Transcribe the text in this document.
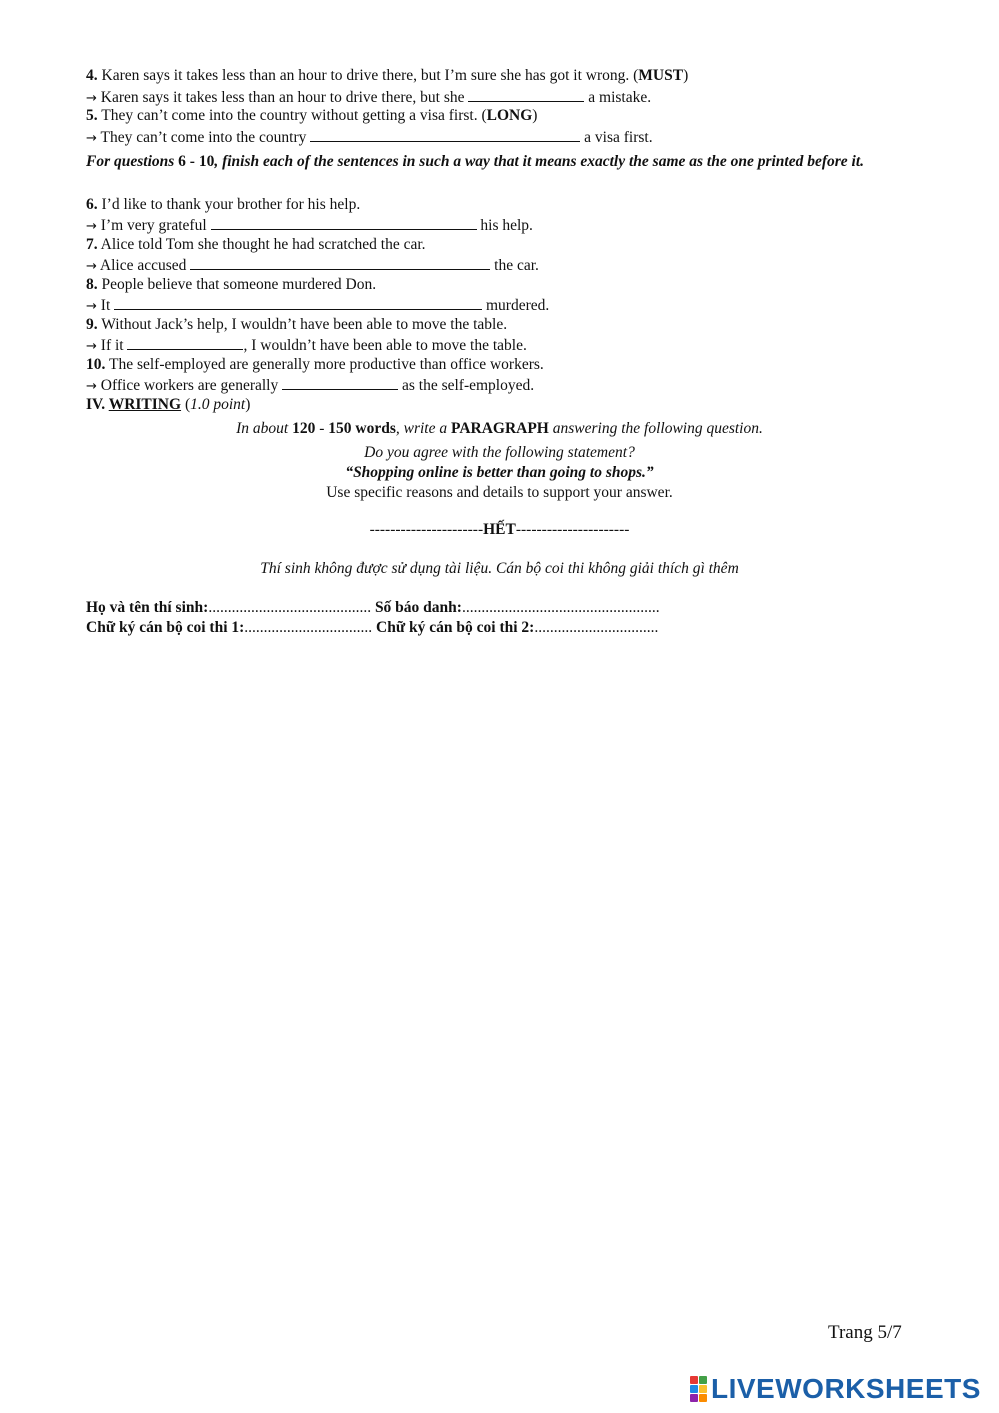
4. Karen says it takes less than an hour to drive there, but I’m sure she has got it wrong. (MUST)
→ Karen says it takes less than an hour to drive there, but she	a mistake.
5. They can’t come into the country without getting a visa first. (LONG)
→ They can’t come into the country	a visa first.
For questions 6 - 10, finish each of the sentences in such a way that it means exactly the same as the one printed before it.
6. I’d like to thank your brother for his help.
→ I’m very grateful	his help.
7. Alice told Tom she thought he had scratched the car.
→ Alice accused	the car.
8. People believe that someone murdered Don.
→ It	murdered.
9. Without Jack’s help, I wouldn’t have been able to move the table.
→ If it	, I wouldn’t have been able to move the table.
10. The self-employed are generally more productive than office workers.
→ Office workers are generally	as the self-employed.
IV. WRITING (1.0 point)
In about 120 - 150 words, write a PARAGRAPH answering the following question.
Do you agree with the following statement?
“Shopping online is better than going to shops.”
Use specific reasons and details to support your answer.
----------------------HẾT----------------------
Thí sinh không được sử dụng tài liệu. Cán bộ coi thi không giải thích gì thêm
Họ và tên thí sinh:.......................................... Số báo danh:...................................................
Chữ ký cán bộ coi thi 1:................................. Chữ ký cán bộ coi thi 2:................................
Trang 5/7
LIVEWORKSHEETS
